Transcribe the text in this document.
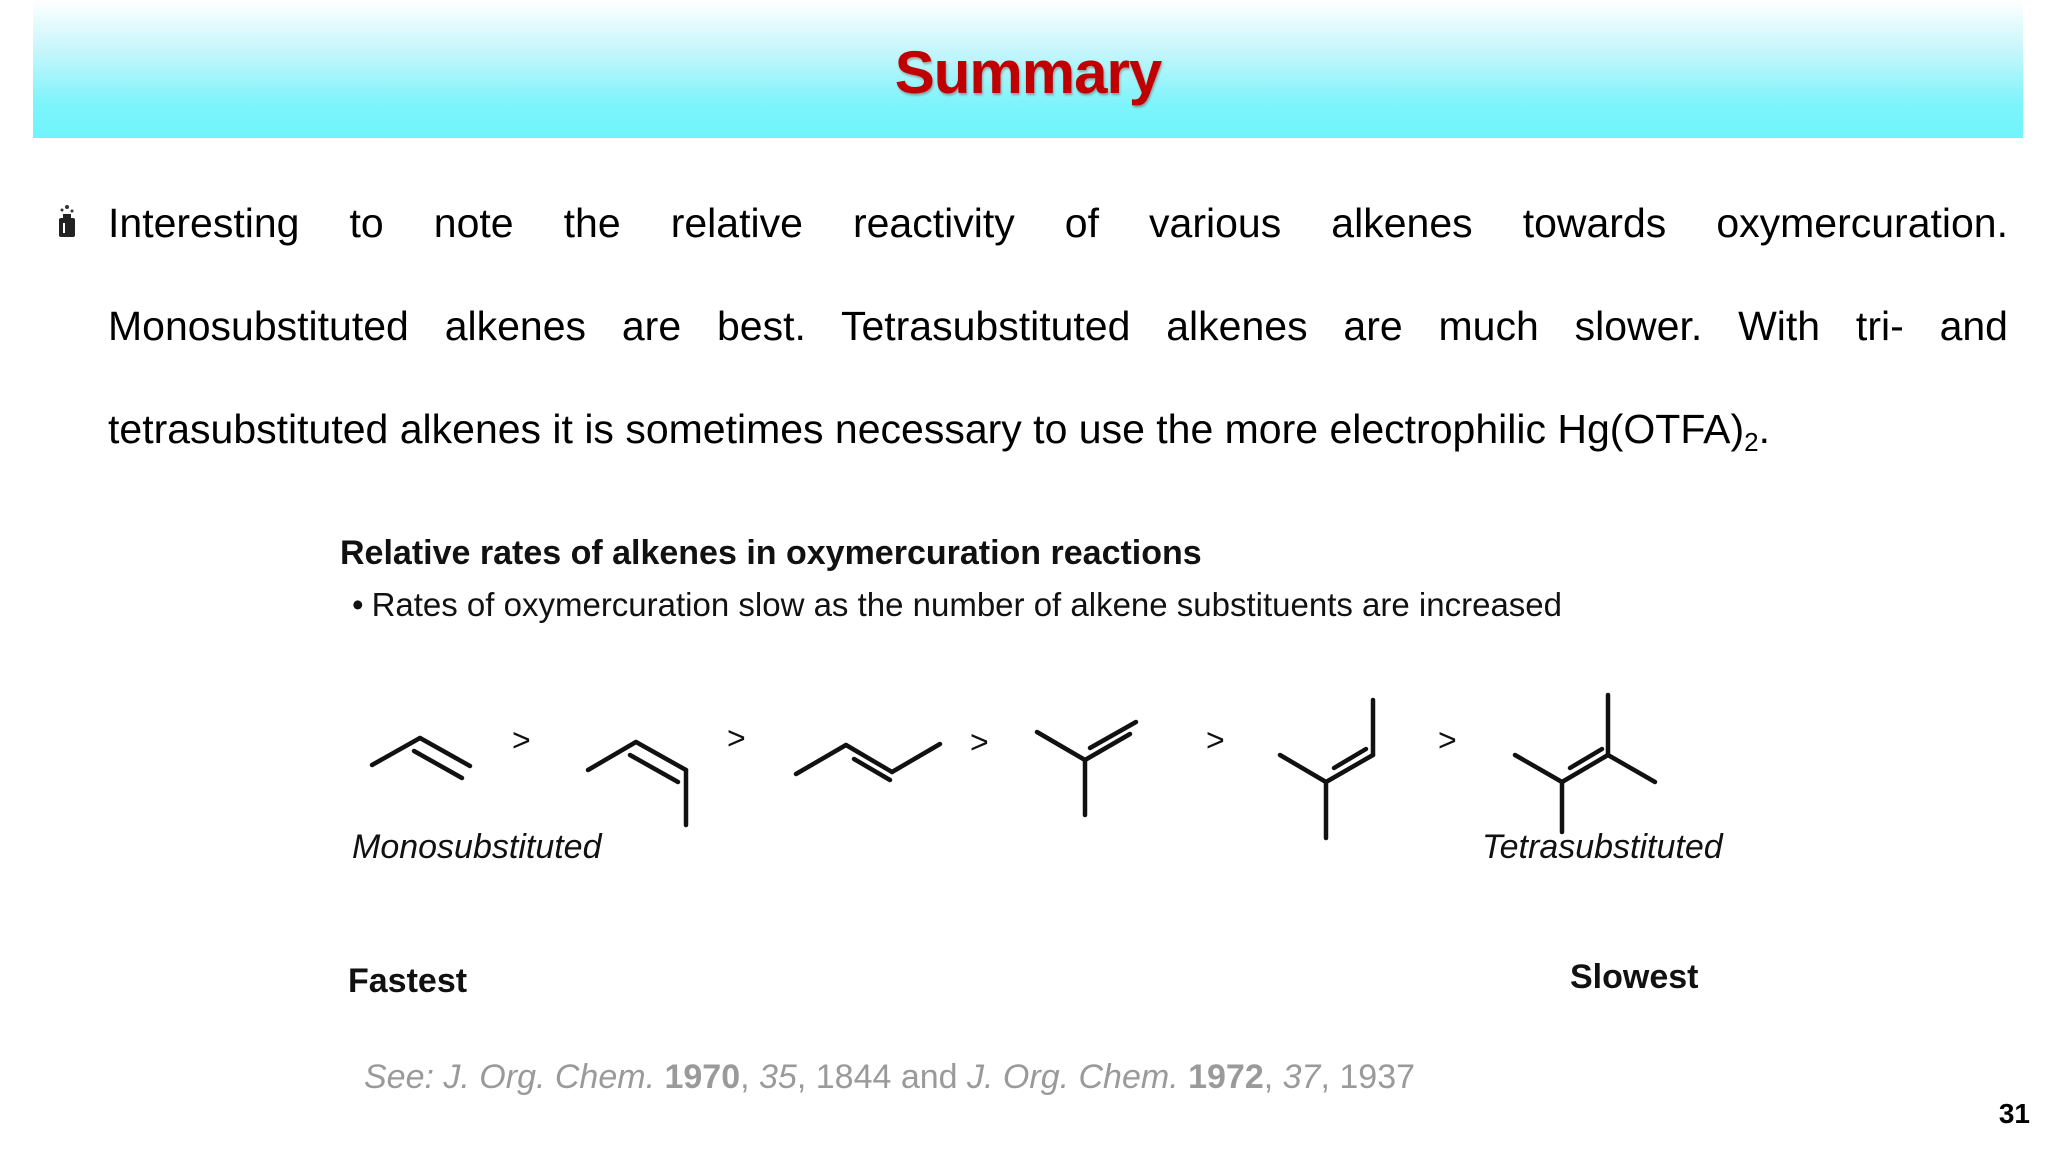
Summary
Interesting to note the relative reactivity of various alkenes towards oxymercuration.
Monosubstituted alkenes are best. Tetrasubstituted alkenes are much slower. With tri- and
tetrasubstituted alkenes it is sometimes necessary to use the more electrophilic $Hg(OTFA)_2$.
Relative rates of alkenes in oxymercuration reactions
• Rates of oxymercuration slow as the number of alkene substituents are increased
>	>	>	>	>
Monosubstituted	Tetrasubstituted
Fastest	Slowest
See: J. Org. Chem. 1970, 35, 1844 and J. Org. Chem. 1972, 37, 1937
31
